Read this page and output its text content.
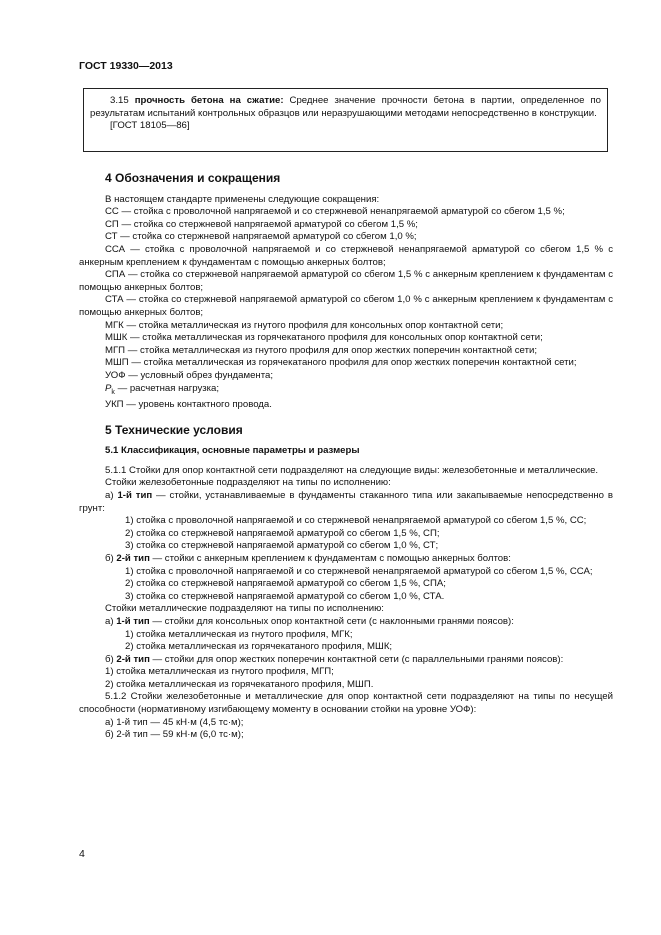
ГОСТ 19330—2013
3.15 прочность бетона на сжатие: Среднее значение прочности бетона в партии, определенное по результатам испытаний контрольных образцов или неразрушающими методами непосредственно в конструкции.
[ГОСТ 18105—86]
4 Обозначения и сокращения

В настоящем стандарте применены следующие сокращения:

СС — стойка с проволочной напрягаемой и со стержневой ненапрягаемой арматурой со сбегом 1,5 %;

СП — стойка со стержневой напрягаемой арматурой со сбегом 1,5 %;

СТ — стойка со стержневой напрягаемой арматурой со сбегом 1,0 %;

ССА — стойка с проволочной напрягаемой и со стержневой ненапрягаемой арматурой со сбегом 1,5 % с анкерным креплением к фундаментам с помощью анкерных болтов;

СПА — стойка со стержневой напрягаемой арматурой со сбегом 1,5 % с анкерным креплением к фундаментам с помощью анкерных болтов;

СТА — стойка со стержневой напрягаемой арматурой со сбегом 1,0 % с анкерным креплением к фундаментам с помощью анкерных болтов;

МГК — стойка металлическая из гнутого профиля для консольных опор контактной сети;

МШК — стойка металлическая из горячекатаного профиля для консольных опор контактной сети;

МГП — стойка металлическая из гнутого профиля для опор жестких поперечин контактной сети;

МШП — стойка металлическая из горячекатаного профиля для опор жестких поперечин контактной сети;

УОФ — условный обрез фундамента;

$P_k$ — расчетная нагрузка;

УКП — уровень контактного провода.

5 Технические условия
5.1 Классификация, основные параметры и размеры

5.1.1 Стойки для опор контактной сети подразделяют на следующие виды: железобетонные и металлические.

Стойки железобетонные подразделяют на типы по исполнению:

а) 1-й тип — стойки, устанавливаемые в фундаменты стаканного типа или закапываемые непосредственно в грунт:

1) стойка с проволочной напрягаемой и со стержневой ненапрягаемой арматурой со сбегом 1,5 %, СС;

2) стойка со стержневой напрягаемой арматурой со сбегом 1,5 %, СП;

3) стойка со стержневой напрягаемой арматурой со сбегом 1,0 %, СТ;

б) 2-й тип — стойки с анкерным креплением к фундаментам с помощью анкерных болтов:

1) стойка с проволочной напрягаемой и со стержневой ненапрягаемой арматурой со сбегом 1,5 %, ССА;

2) стойка со стержневой напрягаемой арматурой со сбегом 1,5 %, СПА;

3) стойка со стержневой напрягаемой арматурой со сбегом 1,0 %, СТА.

Стойки металлические подразделяют на типы по исполнению:

а) 1-й тип — стойки для консольных опор контактной сети (с наклонными гранями поясов):

1) стойка металлическая из гнутого профиля, МГК;

2) стойка металлическая из горячекатаного профиля, МШК;

б) 2-й тип — стойки для опор жестких поперечин контактной сети (с параллельными гранями поясов):

1) стойка металлическая из гнутого профиля, МГП;

2) стойка металлическая из горячекатаного профиля, МШП.

5.1.2 Стойки железобетонные и металлические для опор контактной сети подразделяют на типы по несущей способности (нормативному изгибающему моменту в основании стойки на уровне УОФ):

а) 1-й тип — 45 кН·м (4,5 тс·м);

б) 2-й тип — 59 кН·м (6,0 тс·м);

4
